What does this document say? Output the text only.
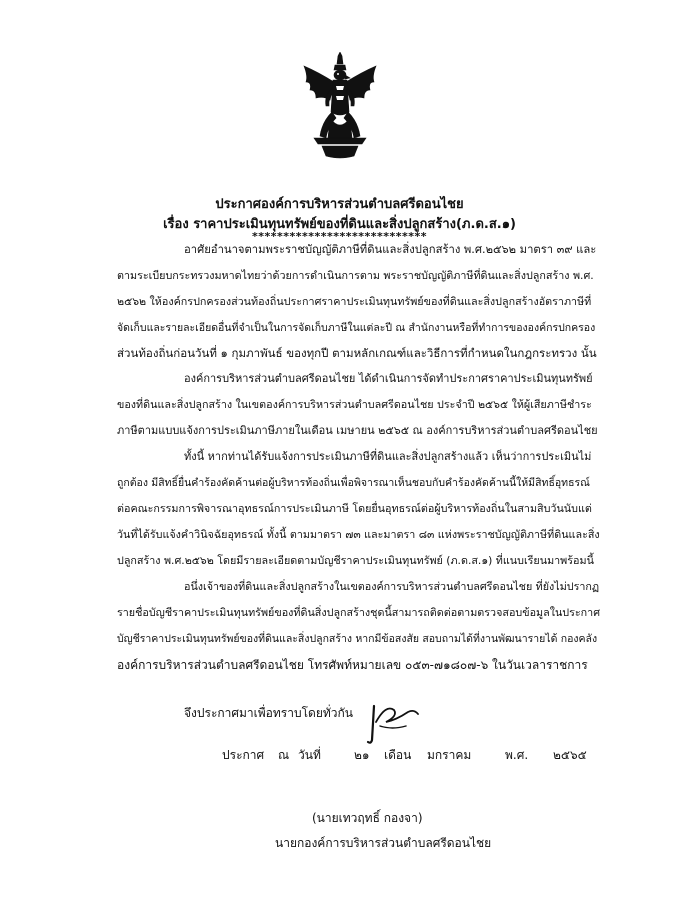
ประกาศองค์การบริหารส่วนตำบลศรีดอนไชย
เรื่อง ราคาประเมินทุนทรัพย์ของที่ดินและสิ่งปลูกสร้าง(ภ.ด.ส.๑)
****************************
อาศัยอำนาจตามพระราชบัญญัติภาษีที่ดินและสิ่งปลูกสร้าง พ.ศ.๒๕๖๒ มาตรา ๓๙ และ
ตามระเบียบกระทรวงมหาดไทยว่าด้วยการดำเนินการตาม พระราชบัญญัติภาษีที่ดินและสิ่งปลูกสร้าง พ.ศ.
๒๕๖๒ ให้องค์กรปกครองส่วนท้องถิ่นประกาศราคาประเมินทุนทรัพย์ของที่ดินและสิ่งปลูกสร้างอัตราภาษีที่
จัดเก็บและรายละเอียดอื่นที่จำเป็นในการจัดเก็บภาษีในแต่ละปี ณ สำนักงานหรือที่ทำการขององค์กรปกครอง
ส่วนท้องถิ่นก่อนวันที่ ๑ กุมภาพันธ์ ของทุกปี ตามหลักเกณฑ์และวิธีการที่กำหนดในกฎกระทรวง นั้น
องค์การบริหารส่วนตำบลศรีดอนไชย ได้ดำเนินการจัดทำประกาศราคาประเมินทุนทรัพย์
ของที่ดินและสิ่งปลูกสร้าง ในเขตองค์การบริหารส่วนตำบลศรีดอนไชย ประจำปี ๒๕๖๕ ให้ผู้เสียภาษีชำระ
ภาษีตามแบบแจ้งการประเมินภาษีภายในเดือน เมษายน ๒๕๖๕ ณ องค์การบริหารส่วนตำบลศรีดอนไชย
ทั้งนี้ หากท่านได้รับแจ้งการประเมินภาษีที่ดินและสิ่งปลูกสร้างแล้ว เห็นว่าการประเมินไม่
ถูกต้อง มีสิทธิ์ยื่นคำร้องคัดค้านต่อผู้บริหารท้องถิ่นเพื่อพิจารณาเห็นชอบกับคำร้องคัดค้านนี้ให้มีสิทธิ์อุทธรณ์
ต่อคณะกรรมการพิจารณาอุทธรณ์การประเมินภาษี โดยยื่นอุทธรณ์ต่อผู้บริหารท้องถิ่นในสามสิบวันนับแต่
วันที่ได้รับแจ้งคำวินิจฉัยอุทธรณ์ ทั้งนี้ ตามมาตรา ๗๓ และมาตรา ๘๓ แห่งพระราชบัญญัติภาษีที่ดินและสิ่ง
ปลูกสร้าง พ.ศ.๒๕๖๒ โดยมีรายละเอียดตามบัญชีราคาประเมินทุนทรัพย์ (ภ.ด.ส.๑) ที่แนบเรียนมาพร้อมนี้
อนึ่งเจ้าของที่ดินและสิ่งปลูกสร้างในเขตองค์การบริหารส่วนตำบลศรีดอนไชย ที่ยังไม่ปรากฏ
รายชื่อบัญชีราคาประเมินทุนทรัพย์ของที่ดินสิ่งปลูกสร้างชุดนี้สามารถติดต่อตามตรวจสอบข้อมูลในประกาศ
บัญชีราคาประเมินทุนทรัพย์ของที่ดินและสิ่งปลูกสร้าง หากมีข้อสงสัย สอบถามได้ที่งานพัฒนารายได้ กองคลัง
องค์การบริหารส่วนตำบลศรีดอนไชย โทรศัพท์หมายเลข ๐๕๓-๗๑๘๐๗-๖ ในวันเวลาราชการ
จึงประกาศมาเพื่อทราบโดยทั่วกัน
ประกาศ ณ วันที่	๒๑ เดือน มกราคม	พ.ศ. ๒๕๖๕
(นายเทวฤทธิ์ กองจา)
นายกองค์การบริหารส่วนตำบลศรีดอนไชย
